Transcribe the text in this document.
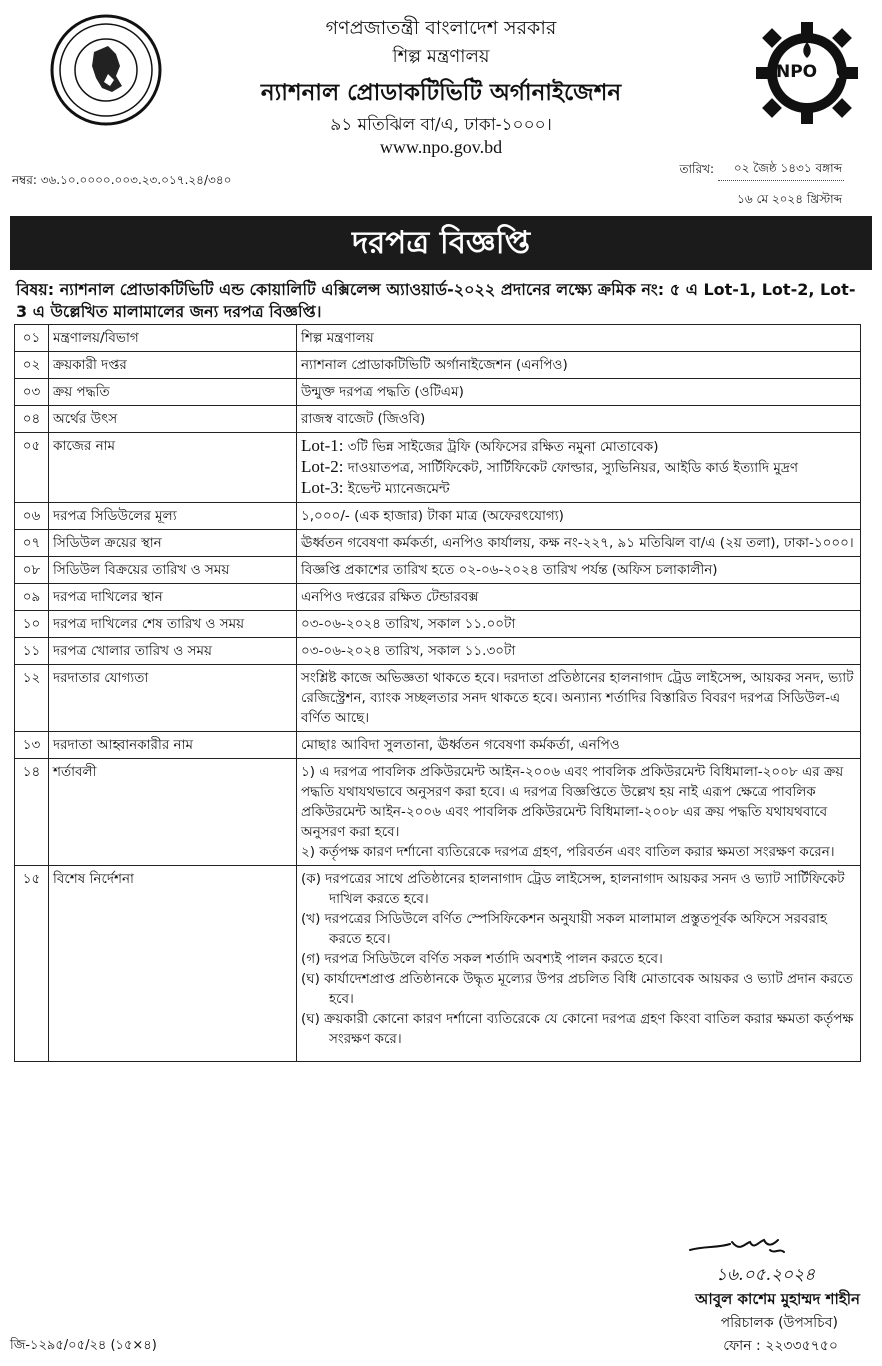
NPO
গণপ্রজাতন্ত্রী বাংলাদেশ সরকার
শিল্প মন্ত্রণালয়
ন্যাশনাল প্রোডাকটিভিটি অর্গানাইজেশন
৯১ মতিঝিল বা/এ, ঢাকা-১০০০।
www.npo.gov.bd
নম্বর: ৩৬.১০.০০০০.০০৩.২৩.০১৭.২৪/৩৪০
তারিখ:	০২ জৈষ্ঠ ১৪৩১ বঙ্গাব্দ
১৬ মে ২০২৪ খ্রিস্টাব্দ
দরপত্র বিজ্ঞপ্তি
বিষয়: ন্যাশনাল প্রোডাকটিভিটি এন্ড কোয়ালিটি এক্সিলেন্স অ্যাওয়ার্ড-২০২২ প্রদানের লক্ষ্যে ক্রমিক নং: ৫ এ Lot-1, Lot-2, Lot-3 এ উল্লেখিত মালামালের জন্য দরপত্র বিজ্ঞপ্তি।
০১	মন্ত্রণালয়/বিভাগ	শিল্প মন্ত্রণালয়
০২	ক্রয়কারী দপ্তর	ন্যাশনাল প্রোডাকটিভিটি অর্গানাইজেশন (এনপিও)
০৩	ক্রয় পদ্ধতি	উন্মুক্ত দরপত্র পদ্ধতি (ওটিএম)
০৪	অর্থের উৎস	রাজস্ব বাজেট (জিওবি)
০৫	কাজের নাম	Lot-1: ৩টি ভিন্ন সাইজের ট্রফি (অফিসের রক্ষিত নমুনা মোতাবেক)
Lot-2: দাওয়াতপত্র, সার্টিফিকেট, সার্টিফিকেট ফোল্ডার, স্যুভিনিয়র, আইডি কার্ড ইত্যাদি মুদ্রণ
Lot-3: ইভেন্ট ম্যানেজমেন্ট

০৬	দরপত্র সিডিউলের মূল্য	১,০০০/- (এক হাজার) টাকা মাত্র (অফেরৎযোগ্য)
০৭	সিডিউল ক্রয়ের স্থান	ঊর্ধ্বতন গবেষণা কর্মকর্তা, এনপিও কার্যালয়, কক্ষ নং-২২৭, ৯১ মতিঝিল বা/এ (২য় তলা), ঢাকা-১০০০।
০৮	সিডিউল বিক্রয়ের তারিখ ও সময়	বিজ্ঞপ্তি প্রকাশের তারিখ হতে ০২-০৬-২০২৪ তারিখ পর্যন্ত (অফিস চলাকালীন)
০৯	দরপত্র দাখিলের স্থান	এনপিও দপ্তরের রক্ষিত টেন্ডারবক্স
১০	দরপত্র দাখিলের শেষ তারিখ ও সময়	০৩-০৬-২০২৪ তারিখ, সকাল ১১.০০টা
১১	দরপত্র খোলার তারিখ ও সময়	০৩-০৬-২০২৪ তারিখ, সকাল ১১.৩০টা
১২	দরদাতার যোগ্যতা	সংশ্লিষ্ট কাজে অভিজ্ঞতা থাকতে হবে। দরদাতা প্রতিষ্ঠানের হালনাগাদ ট্রেড লাইসেন্স, আয়কর সনদ, ভ্যাট রেজিস্ট্রেশন, ব্যাংক সচ্ছলতার সনদ থাকতে হবে। অন্যান্য শর্তাদির বিস্তারিত বিবরণ দরপত্র সিডিউল-এ বর্ণিত আছে।
১৩	দরদাতা আহ্বানকারীর নাম	মোছাঃ আবিদা সুলতানা, ঊর্ধ্বতন গবেষণা কর্মকর্তা, এনপিও
১৪	শর্তাবলী	১) এ দরপত্র পাবলিক প্রকিউরমেন্ট আইন-২০০৬ এবং পাবলিক প্রকিউরমেন্ট বিধিমালা-২০০৮ এর ক্রয় পদ্ধতি যথাযথভাবে অনুসরণ করা হবে। এ দরপত্র বিজ্ঞপ্তিতে উল্লেখ হয় নাই এরূপ ক্ষেত্রে পাবলিক প্রকিউরমেন্ট আইন-২০০৬ এবং পাবলিক প্রকিউরমেন্ট বিধিমালা-২০০৮ এর ক্রয় পদ্ধতি যথাযথবাবে অনুসরণ করা হবে।
২) কর্তৃপক্ষ কারণ দর্শানো ব্যতিরেকে দরপত্র গ্রহণ, পরিবর্তন এবং বাতিল করার ক্ষমতা সংরক্ষণ করেন।

১৫	বিশেষ নির্দেশনা	(ক) দরপত্রের সাথে প্রতিষ্ঠানের হালনাগাদ ট্রেড লাইসেন্স, হালনাগাদ আয়কর সনদ ও ভ্যাট সার্টিফিকেট দাখিল করতে হবে।
(খ) দরপত্রের সিডিউলে বর্ণিত স্পেসিফিকেশন অনুযায়ী সকল মালামাল প্রস্তুতপূর্বক অফিসে সরবরাহ করতে হবে।
(গ) দরপত্র সিডিউলে বর্ণিত সকল শর্তাদি অবশ্যই পালন করতে হবে।
(ঘ) কার্যাদেশপ্রাপ্ত প্রতিষ্ঠানকে উদ্ধৃত মূল্যের উপর প্রচলিত বিধি মোতাবেক আয়কর ও ভ্যাট প্রদান করতে হবে।
(ঘ) ক্রয়কারী কোনো কারণ দর্শানো ব্যতিরেকে যে কোনো দরপত্র গ্রহণ কিংবা বাতিল করার ক্ষমতা কর্তৃপক্ষ সংরক্ষণ করে।
১৬.০৫.২০২৪
আবুল কাশেম মুহাম্মদ শাহীন
পরিচালক (উপসচিব)
ফোন : ২২৩৩৫৭৫০
জি-১২৯৫/০৫/২৪ (১৫×৪)
